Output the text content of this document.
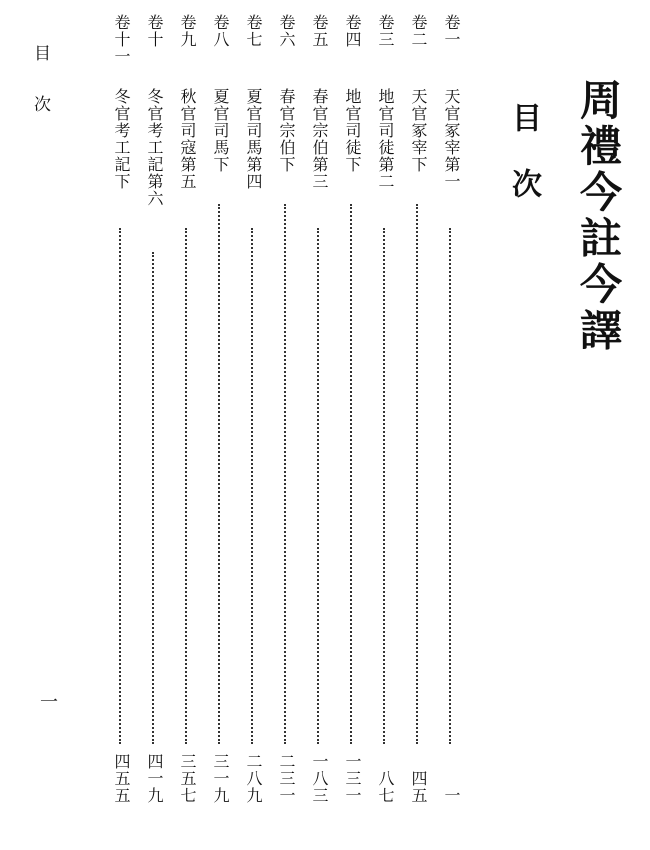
周禮今註今譯
目次
目次
一
卷一
天官冢宰第一
一
卷二
天官冢宰下
四五
卷三
地官司徒第二
八七
卷四
地官司徒下
一三一
卷五
春官宗伯第三
一八三
卷六
春官宗伯下
二三一
卷七
夏官司馬第四
二八九
卷八
夏官司馬下
三一九
卷九
秋官司寇第五
三五七
卷十
冬官考工記第六
四一九
卷十一
冬官考工記下
四五五
